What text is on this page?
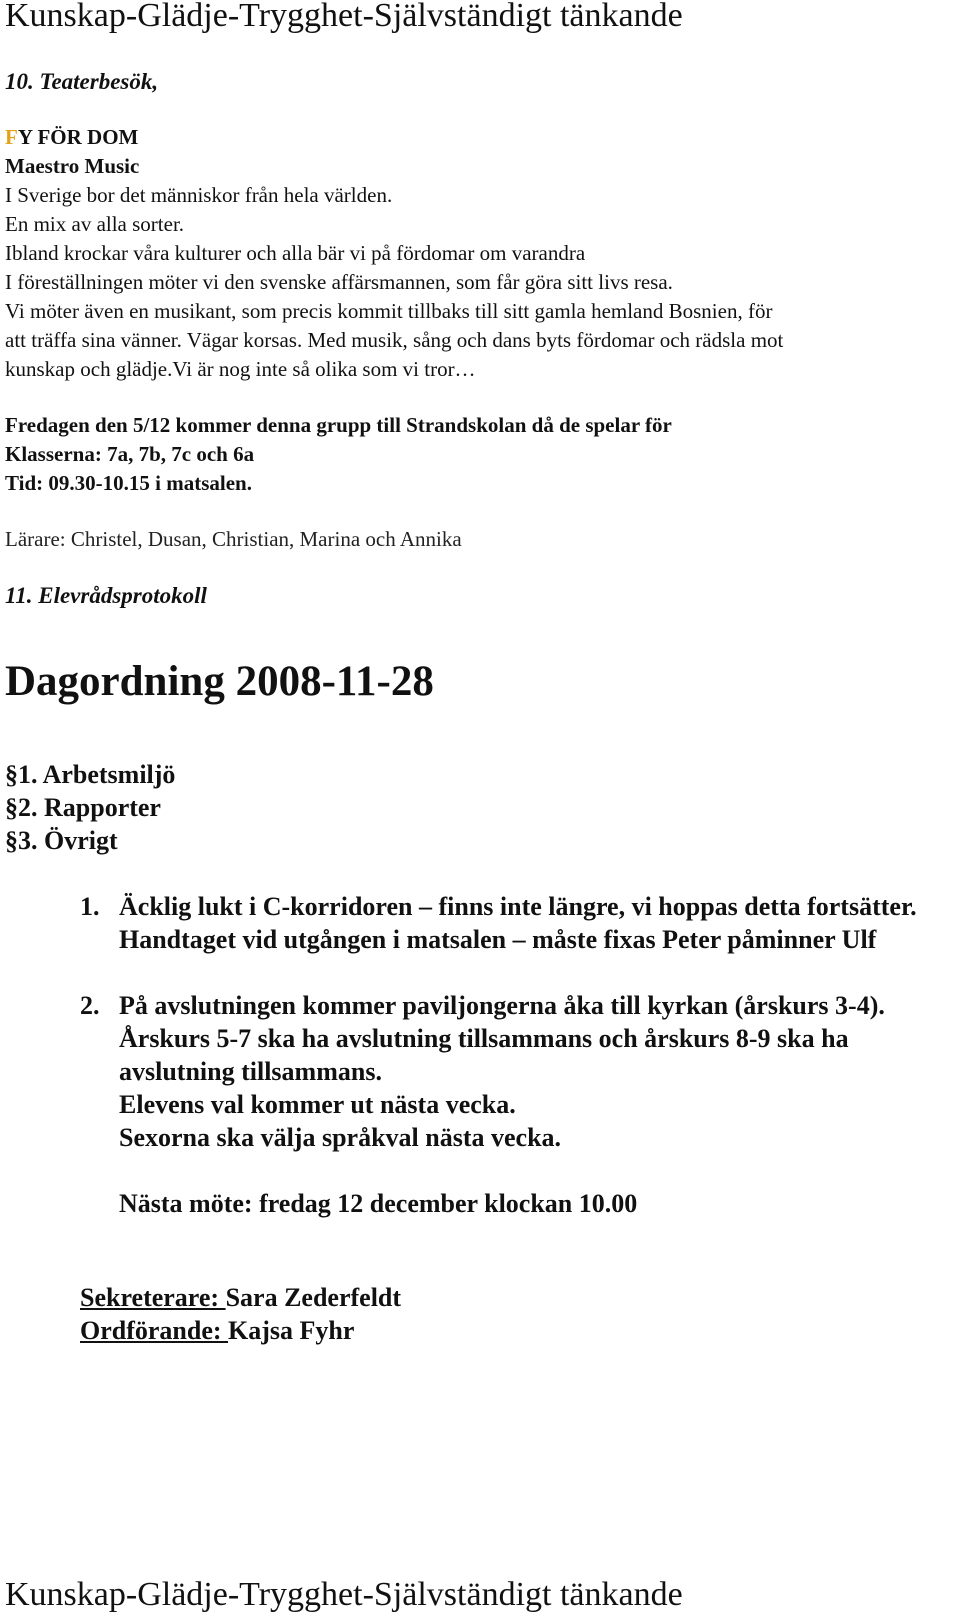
Kunskap-Glädje-Trygghet-Självständigt tänkande
10. Teaterbesök,
FY FÖR DOM
Maestro Music
I Sverige bor det människor från hela världen.
En mix av alla sorter.
Ibland krockar våra kulturer och alla bär vi på fördomar om varandra
I föreställningen möter vi den svenske affärsmannen, som får göra sitt livs resa.
Vi möter även en musikant, som precis kommit tillbaks till sitt gamla hemland Bosnien, för
att träffa sina vänner. Vägar korsas. Med musik, sång och dans byts fördomar och rädsla mot
kunskap och glädje.Vi är nog inte så olika som vi tror…
Fredagen den 5/12 kommer denna grupp till Strandskolan då de spelar för
Klasserna: 7a, 7b, 7c och 6a
Tid: 09.30-10.15 i matsalen.
Lärare: Christel, Dusan, Christian, Marina och Annika
11. Elevrådsprotokoll
Dagordning 2008-11-28
§1. Arbetsmiljö
§2. Rapporter
§3. Övrigt
1. Äcklig lukt i C-korridoren – finns inte längre, vi hoppas detta fortsätter.
Handtaget vid utgången i matsalen – måste fixas Peter påminner Ulf
2. På avslutningen kommer paviljongerna åka till kyrkan (årskurs 3-4). Årskurs 5-7 ska ha avslutning tillsammans och årskurs 8-9 ska ha avslutning tillsammans.
Elevens val kommer ut nästa vecka.
Sexorna ska välja språkval nästa vecka.
Nästa möte: fredag 12 december klockan 10.00
Sekreterare: Sara Zederfeldt
Ordförande: Kajsa Fyhr
Kunskap-Glädje-Trygghet-Självständigt tänkande
